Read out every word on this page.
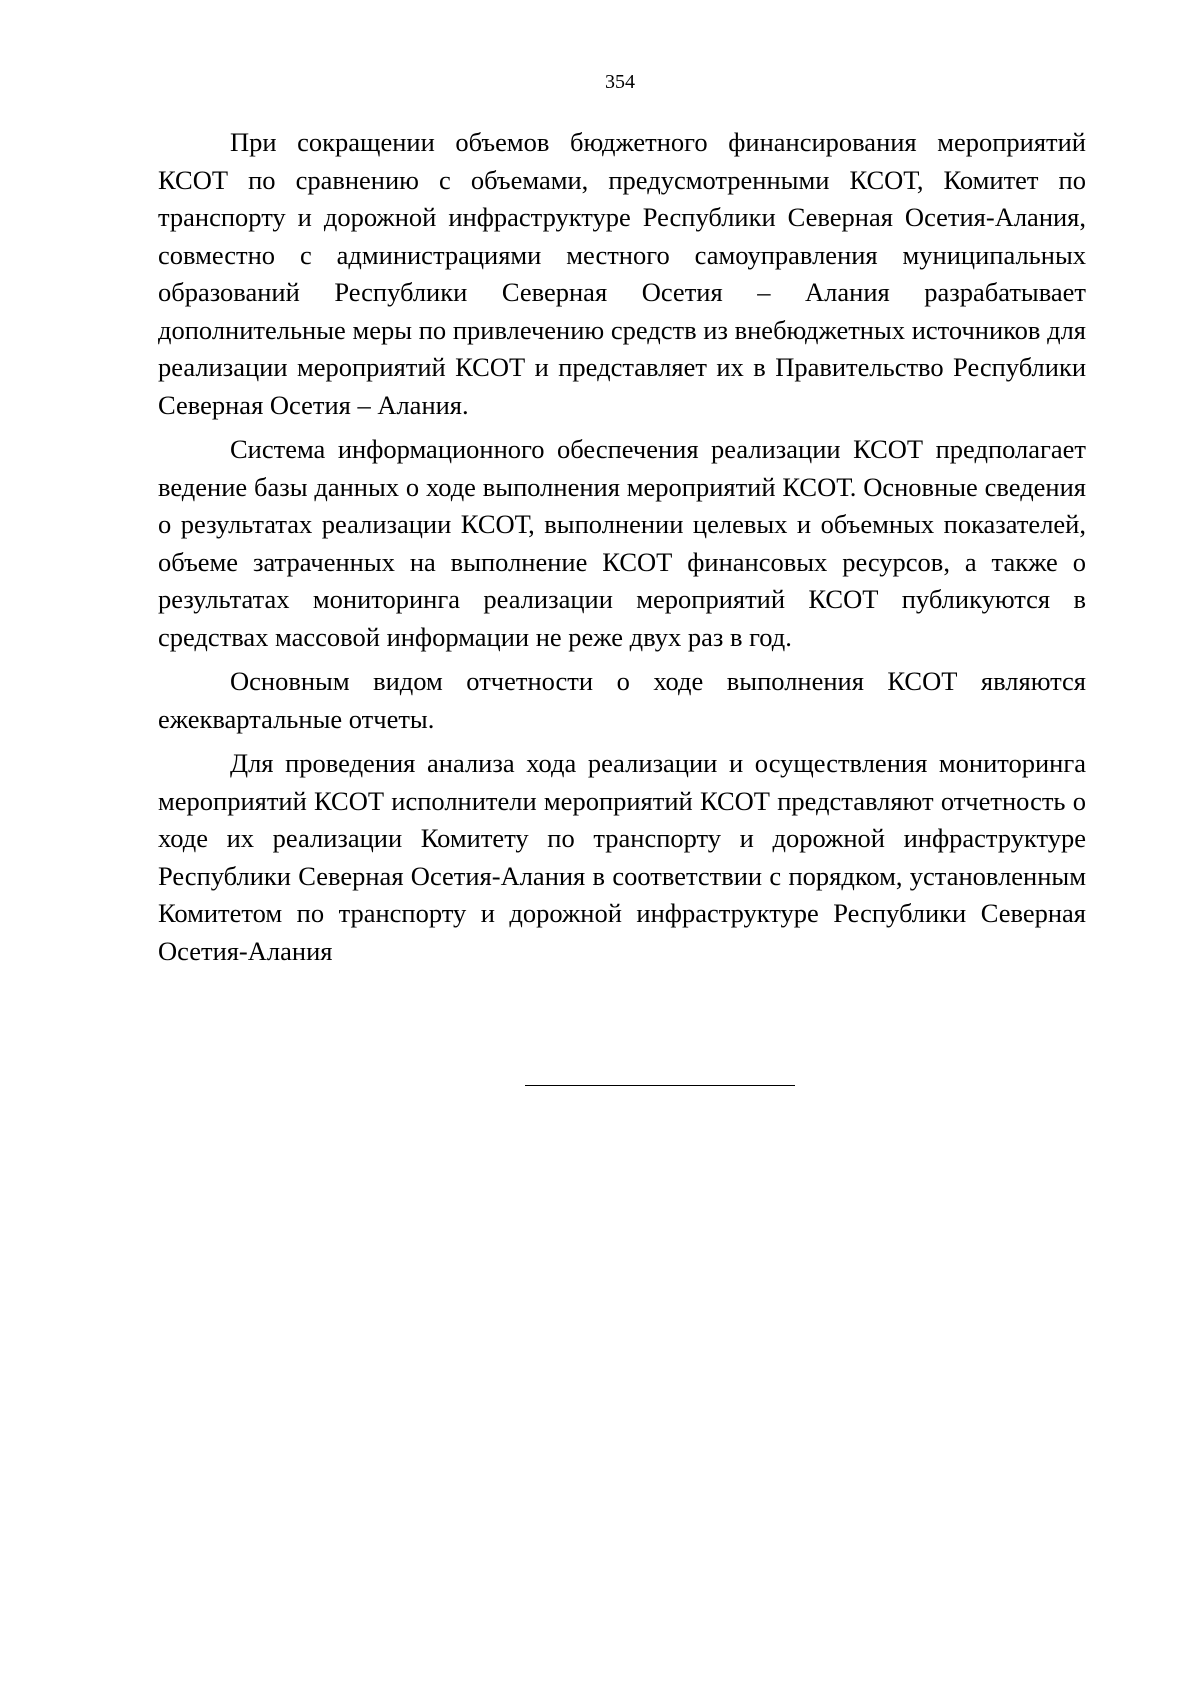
354

При сокращении объемов бюджетного финансирования мероприятий КСОТ по сравнению с объемами, предусмотренными КСОТ, Комитет по транспорту и дорожной инфраструктуре Республики Северная Осетия-Алания, совместно с администрациями местного самоуправления муниципальных образований Республики Северная Осетия – Алания разрабатывает дополнительные меры по привлечению средств из внебюджетных источников для реализации мероприятий КСОТ и представляет их в Правительство Республики Северная Осетия – Алания.

Система информационного обеспечения реализации КСОТ предполагает ведение базы данных о ходе выполнения мероприятий КСОТ. Основные сведения о результатах реализации КСОТ, выполнении целевых и объемных показателей, объеме затраченных на выполнение КСОТ финансовых ресурсов, а также о результатах мониторинга реализации мероприятий КСОТ публикуются в средствах массовой информации не реже двух раз в год.

Основным видом отчетности о ходе выполнения КСОТ являются ежеквартальные отчеты.

Для проведения анализа хода реализации и осуществления мониторинга мероприятий КСОТ исполнители мероприятий КСОТ представляют отчетность о ходе их реализации Комитету по транспорту и дорожной инфраструктуре Республики Северная Осетия-Алания в соответствии с порядком, установленным Комитетом по транспорту и дорожной инфраструктуре Республики Северная Осетия-Алания
